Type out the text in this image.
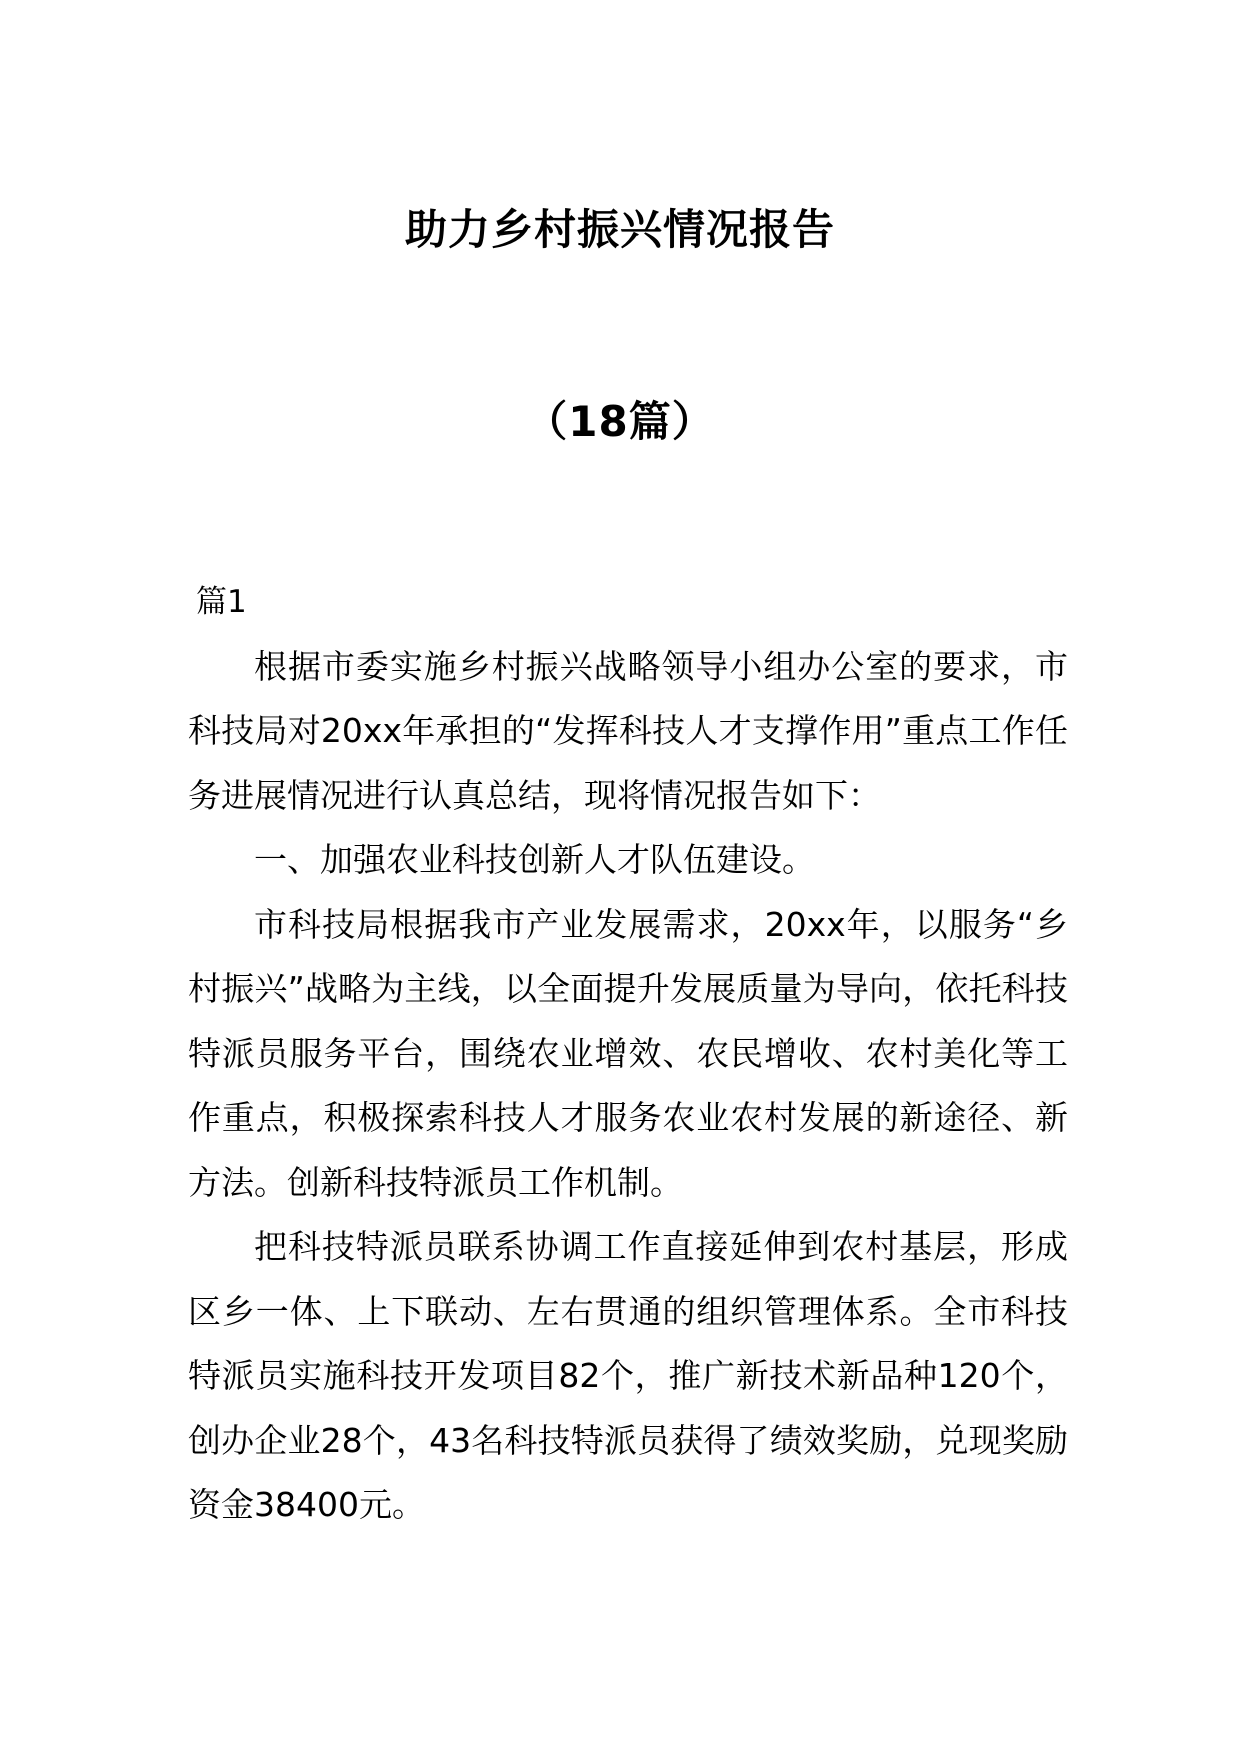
助力乡村振兴情况报告
（18篇）

篇1

根据市委实施乡村振兴战略领导小组办公室的要求，市科技局对20xx年承担的“发挥科技人才支撑作用”重点工作任务进展情况进行认真总结，现将情况报告如下：

一、加强农业科技创新人才队伍建设。

市科技局根据我市产业发展需求，20xx年，以服务“乡村振兴”战略为主线，以全面提升发展质量为导向，依托科技特派员服务平台，围绕农业增效、农民增收、农村美化等工作重点，积极探索科技人才服务农业农村发展的新途径、新方法。创新科技特派员工作机制。

把科技特派员联系协调工作直接延伸到农村基层，形成区乡一体、上下联动、左右贯通的组织管理体系。全市科技特派员实施科技开发项目82个，推广新技术新品种120个，创办企业28个，43名科技特派员获得了绩效奖励，兑现奖励资金38400元。
